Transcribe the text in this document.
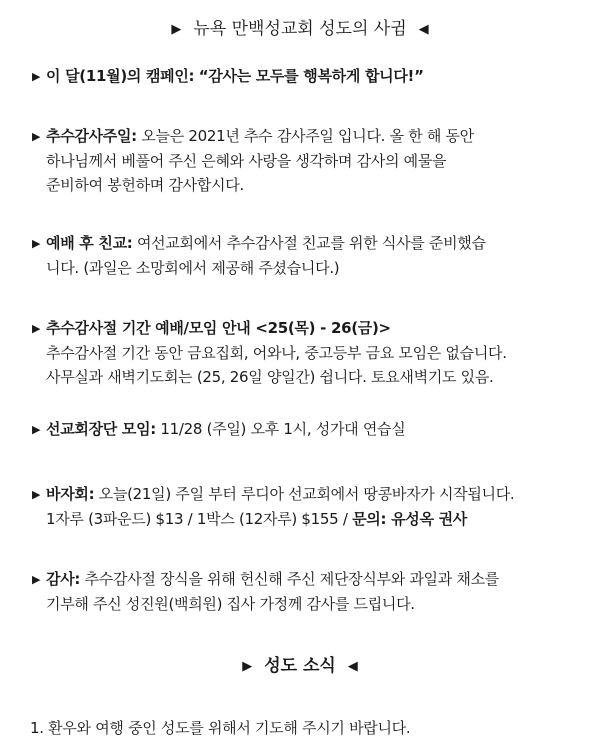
▶ 뉴욕 만백성교회 성도의 사귐 ◀
▶ 이 달(11월)의 캠페인: “감사는 모두를 행복하게 합니다!”
▶ 추수감사주일: 오늘은 2021년 추수 감사주일 입니다. 올 한 해 동안
하나님께서 베풀어 주신 은혜와 사랑을 생각하며 감사의 예물을
준비하여 봉헌하며 감사합시다.
▶ 예배 후 친교: 여선교회에서 추수감사절 친교를 위한 식사를 준비했습
니다. (과일은 소망회에서 제공해 주셨습니다.)
▶ 추수감사절 기간 예배/모임 안내 <25(목) - 26(금)>
추수감사절 기간 동안 금요집회, 어와나, 중고등부 금요 모임은 없습니다.
사무실과 새벽기도회는 (25, 26일 양일간) 쉽니다. 토요새벽기도 있음.
▶ 선교회장단 모임: 11/28 (주일) 오후 1시, 성가대 연습실
▶ 바자회: 오늘(21일) 주일 부터 루디아 선교회에서 땅콩바자가 시작됩니다.
1자루 (3파운드) $13 / 1박스 (12자루) $155 / 문의: 유성옥 권사
▶ 감사: 추수감사절 장식을 위해 헌신해 주신 제단장식부와 과일과 채소를
기부해 주신 성진원(백희원) 집사 가정께 감사를 드립니다.
▶ 성도 소식 ◀
1. 환우와 여행 중인 성도를 위해서 기도해 주시기 바랍니다.
